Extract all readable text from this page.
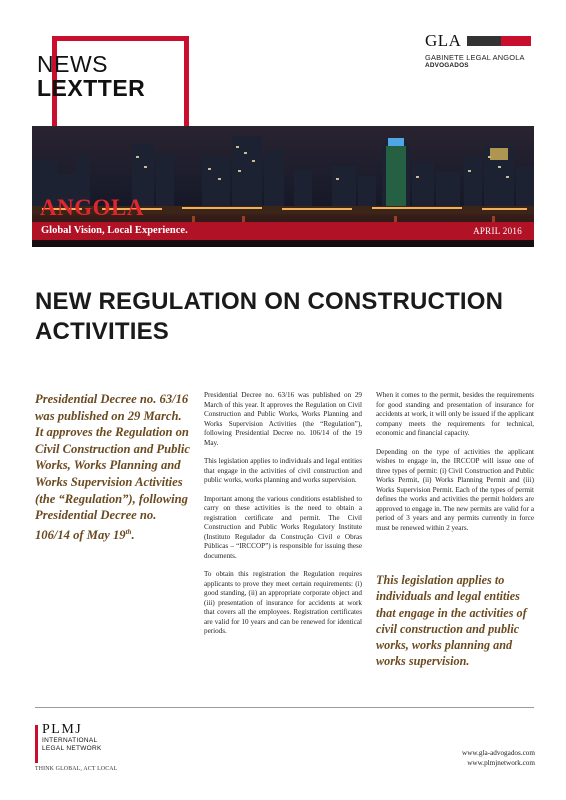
NEWS
LEXTTER
GLA
GABINETE LEGAL ANGOLA
ADVOGADOS
ANGOLA
Global Vision, Local Experience.	APRIL 2016
NEW REGULATION ON CONSTRUCTION ACTIVITIES
Presidential Decree no. 63/16 was published on 29 March. It approves the Regulation on Civil Construction and Public Works, Works Planning and Works Supervision Activities (the “Regulation”), following Presidential Decree no. 106/14 of May 19th.

Presidential Decree no. 63/16 was published on 29 March of this year. It approves the Regulation on Civil Construction and Public Works, Works Planning and Works Supervision Activities (the “Regulation”), following Presidential Decree no. 106/14 of the 19 May.

This legislation applies to individuals and legal entities that engage in the activities of civil construction and public works, works planning and works supervision.

Important among the various conditions established to carry on these activities is the need to obtain a registration certificate and permit. The Civil Construction and Public Works Regulatory Institute (Instituto Regulador da Construção Civil e Obras Públicas – “IRCCOP”) is responsible for issuing these documents.

To obtain this registration the Regulation requires applicants to prove they meet certain requirements: (i) good standing, (ii) an appropriate corporate object and (iii) presentation of insurance for accidents at work that covers all the employees. Registration certificates are valid for 10 years and can be renewed for identical periods.

When it comes to the permit, besides the requirements for good standing and presentation of insurance for accidents at work, it will only be issued if the applicant company meets the requirements for technical, economic and financial capacity.

Depending on the type of activities the applicant wishes to engage in, the IRCCOP will issue one of three types of permit: (i) Civil Construction and Public Works Permit, (ii) Works Planning Permit and (iii) Works Supervision Permit. Each of the types of permit defines the works and activities the permit holders are approved to engage in. The new permits are valid for a period of 3 years and any permits currently in force must be renewed within 2 years.

This legislation applies to individuals and legal entities that engage in the activities of civil construction and public works, works planning and works supervision.
PLMJ
INTERNATIONAL
LEGAL NETWORK
THINK GLOBAL, ACT LOCAL
www.gla-advogados.com
www.plmjnetwork.com
